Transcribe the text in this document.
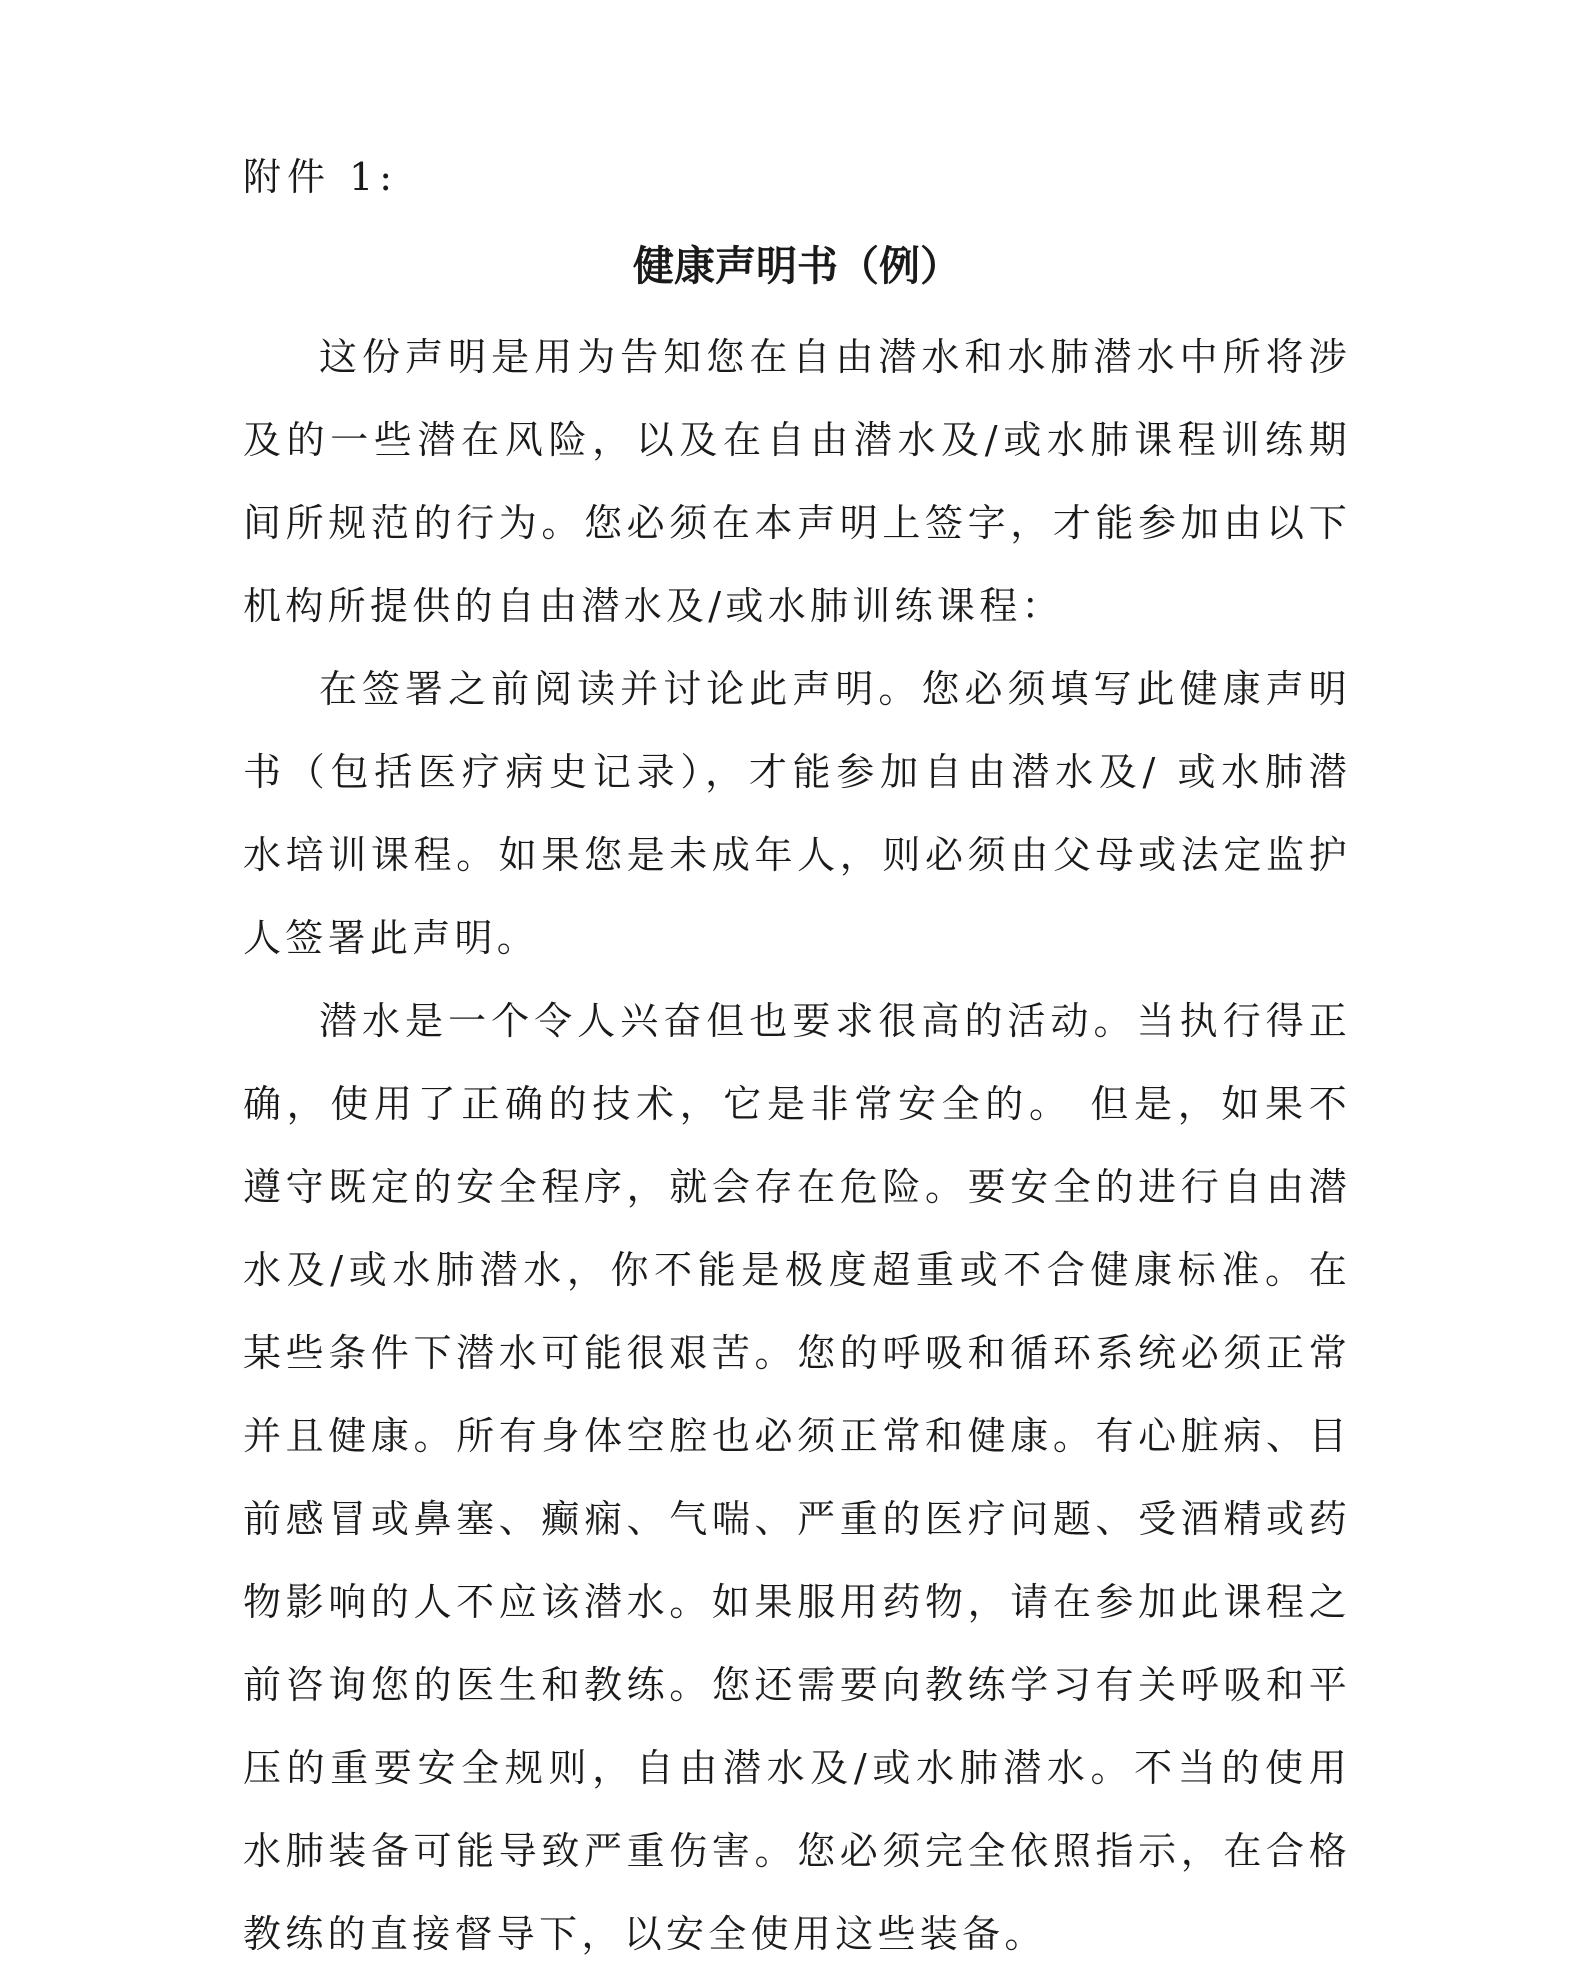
附件 1:

健康声明书（例）

这份声明是用为告知您在自由潜水和水肺潜水中所将涉及的一些潜在风险，以及在自由潜水及/或水肺课程训练期间所规范的行为。您必须在本声明上签字，才能参加由以下机构所提供的自由潜水及/或水肺训练课程：

在签署之前阅读并讨论此声明。您必须填写此健康声明书（包括医疗病史记录），才能参加自由潜水及/ 或水肺潜水培训课程。如果您是未成年人，则必须由父母或法定监护人签署此声明。

潜水是一个令人兴奋但也要求很高的活动。当执行得正确，使用了正确的技术，它是非常安全的。 但是，如果不遵守既定的安全程序，就会存在危险。要安全的进行自由潜水及/或水肺潜水，你不能是极度超重或不合健康标准。在某些条件下潜水可能很艰苦。您的呼吸和循环系统必须正常并且健康。所有身体空腔也必须正常和健康。有心脏病、目前感冒或鼻塞、癫痫、气喘、严重的医疗问题、受酒精或药物影响的人不应该潜水。如果服用药物，请在参加此课程之前咨询您的医生和教练。您还需要向教练学习有关呼吸和平压的重要安全规则，自由潜水及/或水肺潜水。不当的使用水肺装备可能导致严重伤害。您必须完全依照指示，在合格教练的直接督导下，以安全使用这些装备。
